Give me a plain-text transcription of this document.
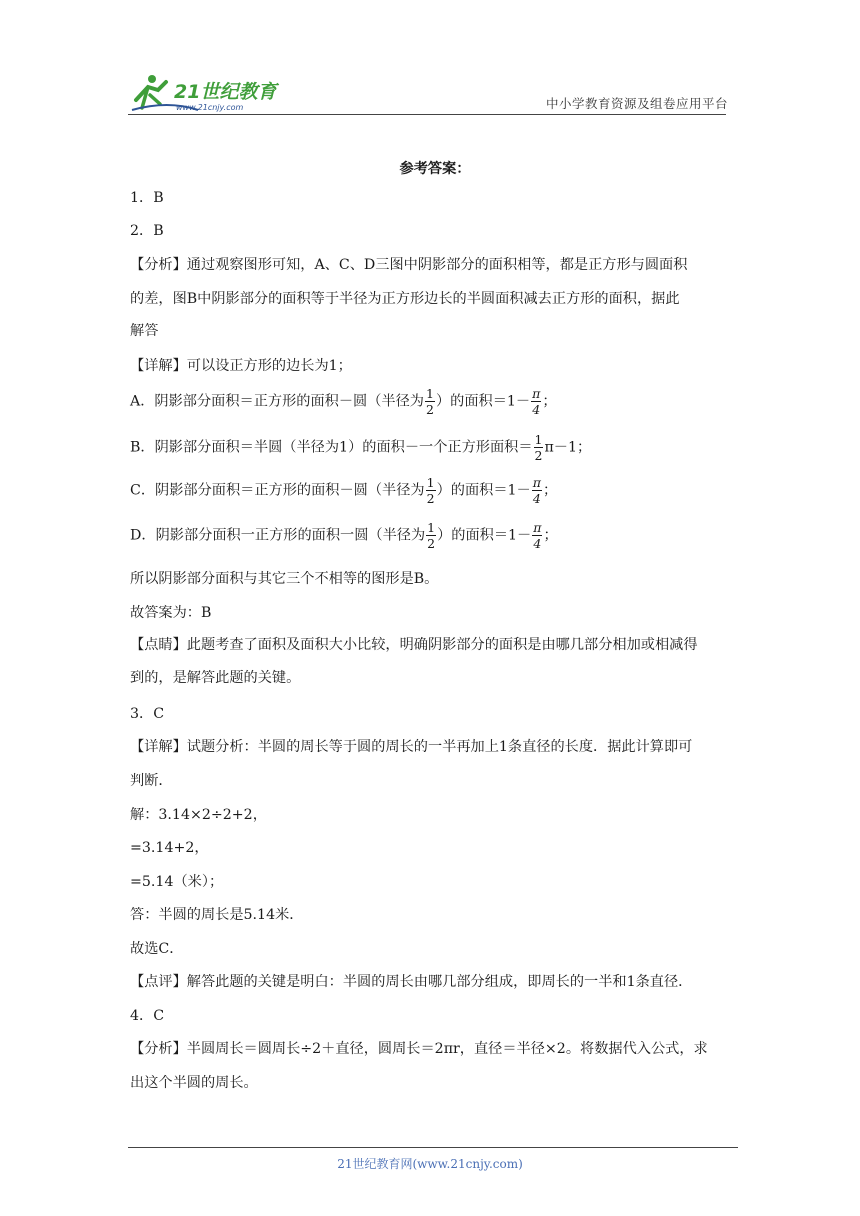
21世纪教育
www.21cnjy.com	中小学教育资源及组卷应用平台
参考答案：
1．B
2．B
【分析】通过观察图形可知，A、C、D三图中阴影部分的面积相等，都是正方形与圆面积
的差，图B中阴影部分的面积等于半径为正方形边长的半圆面积减去正方形的面积，据此
解答
【详解】可以设正方形的边长为1；
A．阴影部分面积＝正方形的面积－圆（半径为 $\frac{1}{2}$ ）的面积$=1- \frac{\pi}{4}$ ；
B．阴影部分面积＝半圆（半径为1）的面积－一个正方形面积＝ $\frac{1}{2} \pi-1$；
C．阴影部分面积＝正方形的面积－圆（半径为 $\frac{1}{2}$ ）的面积$=1- \frac{\pi}{4}$ ；
D．阴影部分面积一正方形的面积一圆（半径为 $\frac{1}{2}$ ）的面积$=1- \frac{\pi}{4}$ ；
所以阴影部分面积与其它三个不相等的图形是B。
故答案为：B
【点睛】此题考查了面积及面积大小比较，明确阴影部分的面积是由哪几部分相加或相减得
到的，是解答此题的关键。
3．C
【详解】试题分析：半圆的周长等于圆的周长的一半再加上1条直径的长度．据此计算即可
判断．
解：3.14×2÷2+2，
=3.14+2，
=5.14（米）；
答：半圆的周长是5.14米．
故选C．
【点评】解答此题的关键是明白：半圆的周长由哪几部分组成，即周长的一半和1条直径．
4．C
【分析】半圆周长＝圆周长÷2＋直径，圆周长＝2πr，直径＝半径×2。将数据代入公式，求
出这个半圆的周长。
21世纪教育网(www.21cnjy.com)
